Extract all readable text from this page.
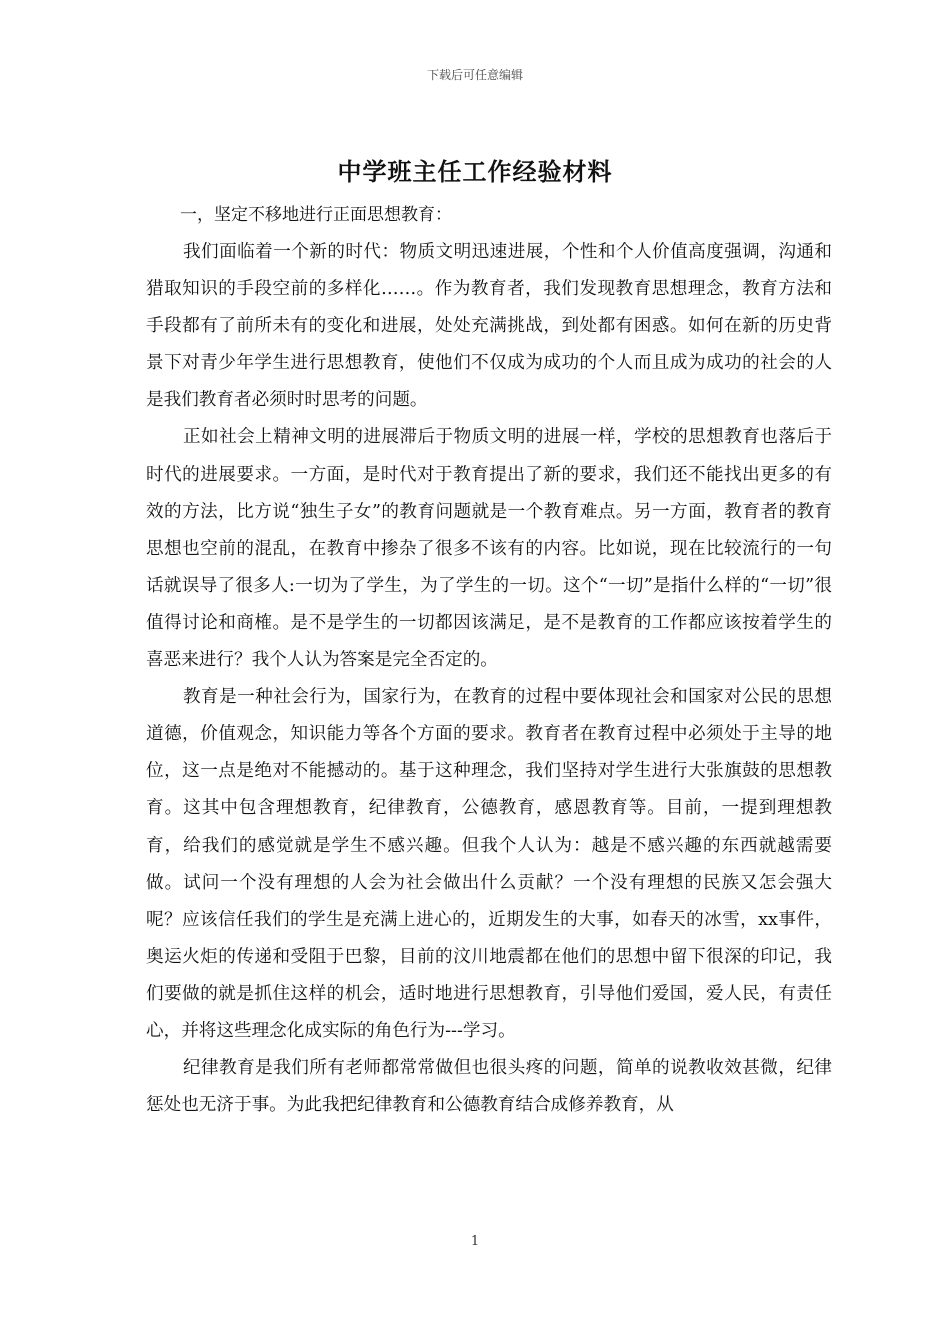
下载后可任意编辑
中学班主任工作经验材料

一，坚定不移地进行正面思想教育：

我们面临着一个新的时代：物质文明迅速进展，个性和个人价值高度强调，沟通和猎取知识的手段空前的多样化……。作为教育者，我们发现教育思想理念，教育方法和手段都有了前所未有的变化和进展，处处充满挑战，到处都有困惑。如何在新的历史背景下对青少年学生进行思想教育，使他们不仅成为成功的个人而且成为成功的社会的人是我们教育者必须时时思考的问题。

正如社会上精神文明的进展滞后于物质文明的进展一样，学校的思想教育也落后于时代的进展要求。一方面，是时代对于教育提出了新的要求，我们还不能找出更多的有效的方法，比方说“独生子女”的教育问题就是一个教育难点。另一方面，教育者的教育思想也空前的混乱，在教育中掺杂了很多不该有的内容。比如说，现在比较流行的一句话就误导了很多人:一切为了学生，为了学生的一切。这个“一切”是指什么样的“一切”很值得讨论和商榷。是不是学生的一切都因该满足，是不是教育的工作都应该按着学生的喜恶来进行？我个人认为答案是完全否定的。

教育是一种社会行为，国家行为，在教育的过程中要体现社会和国家对公民的思想道德，价值观念，知识能力等各个方面的要求。教育者在教育过程中必须处于主导的地位，这一点是绝对不能撼动的。基于这种理念，我们坚持对学生进行大张旗鼓的思想教育。这其中包含理想教育，纪律教育，公德教育，感恩教育等。目前，一提到理想教育，给我们的感觉就是学生不感兴趣。但我个人认为：越是不感兴趣的东西就越需要做。试问一个没有理想的人会为社会做出什么贡献？一个没有理想的民族又怎会强大呢？应该信任我们的学生是充满上进心的，近期发生的大事，如春天的冰雪，xx事件，奥运火炬的传递和受阻于巴黎，目前的汶川地震都在他们的思想中留下很深的印记，我们要做的就是抓住这样的机会，适时地进行思想教育，引导他们爱国，爱人民，有责任心，并将这些理念化成实际的角色行为---学习。

纪律教育是我们所有老师都常常做但也很头疼的问题，简单的说教收效甚微，纪律惩处也无济于事。为此我把纪律教育和公德教育结合成修养教育，从

1
